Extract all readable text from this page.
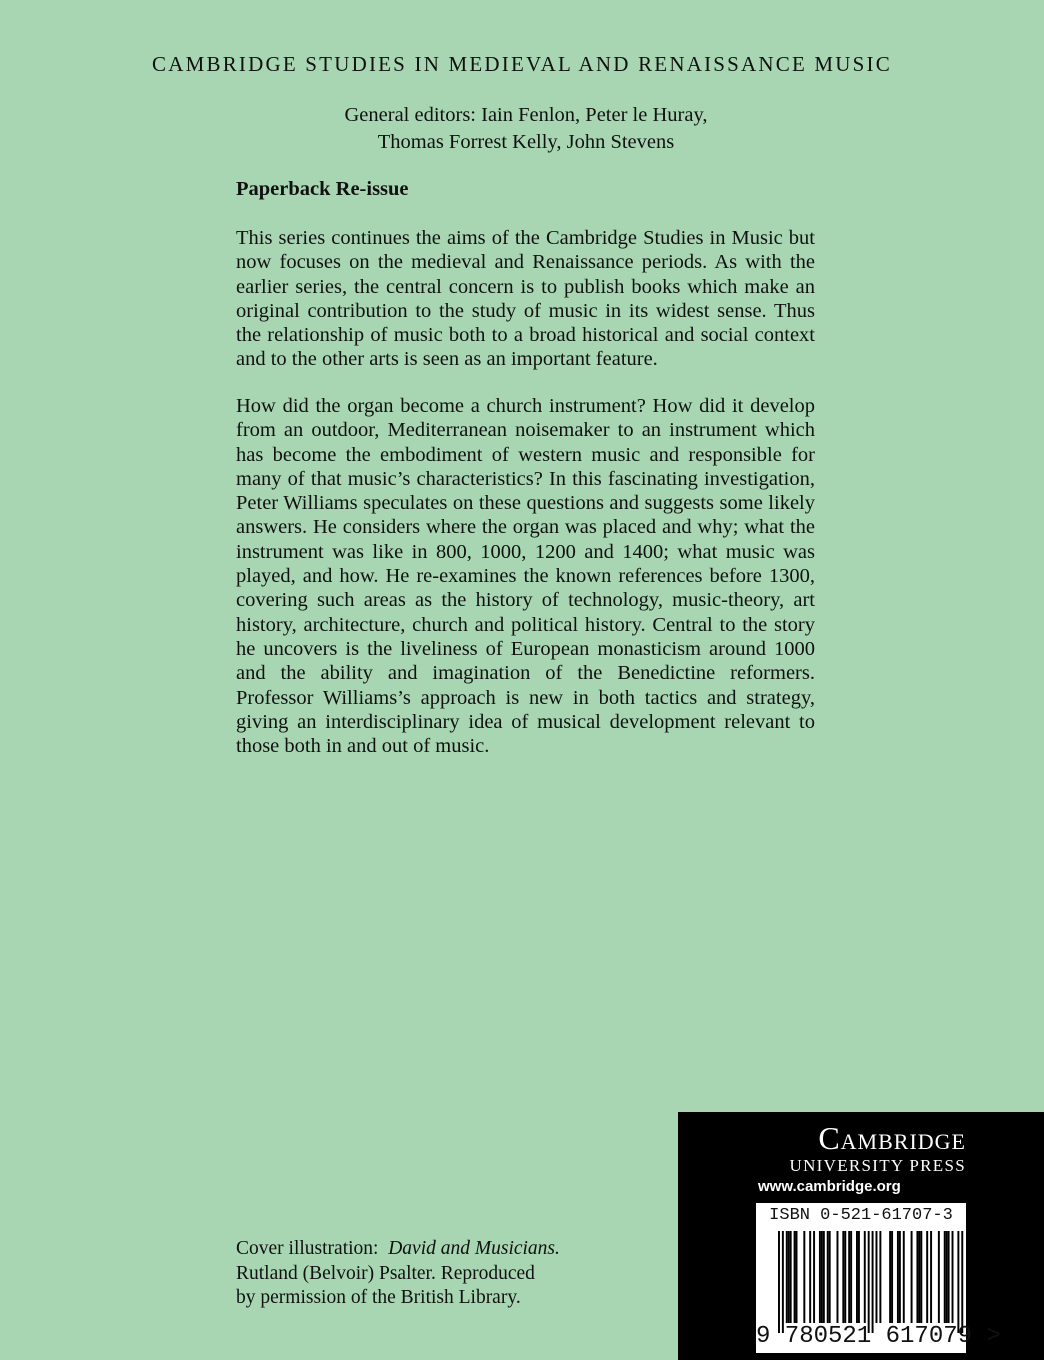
CAMBRIDGE STUDIES IN MEDIEVAL AND RENAISSANCE MUSIC
General editors: Iain Fenlon, Peter le Huray,
Thomas Forrest Kelly, John Stevens
Paperback Re-issue
This series continues the aims of the Cambridge Studies in Music but now focuses on the medieval and Renaissance periods. As with the earlier series, the central concern is to publish books which make an original contribution to the study of music in its widest sense. Thus the relationship of music both to a broad historical and social context and to the other arts is seen as an important feature.
How did the organ become a church instrument? How did it develop from an outdoor, Mediterranean noisemaker to an instrument which has become the embodiment of western music and responsible for many of that music’s characteristics? In this fascinating investigation, Peter Williams speculates on these questions and suggests some likely answers. He considers where the organ was placed and why; what the instrument was like in 800, 1000, 1200 and 1400; what music was played, and how. He re-examines the known references before 1300, covering such areas as the history of technology, music-theory, art history, architecture, church and political history. Central to the story he uncovers is the liveliness of European monasticism around 1000 and the ability and imagination of the Benedictine reformers. Professor Williams’s approach is new in both tactics and strategy, giving an interdisciplinary idea of musical development relevant to those both in and out of music.
Cover illustration: David and Musicians.
Rutland (Belvoir) Psalter. Reproduced
by permission of the British Library.
Cambridge
UNIVERSITY PRESS
www.cambridge.org
ISBN 0-521-61707-3
9 780521 617079 >
